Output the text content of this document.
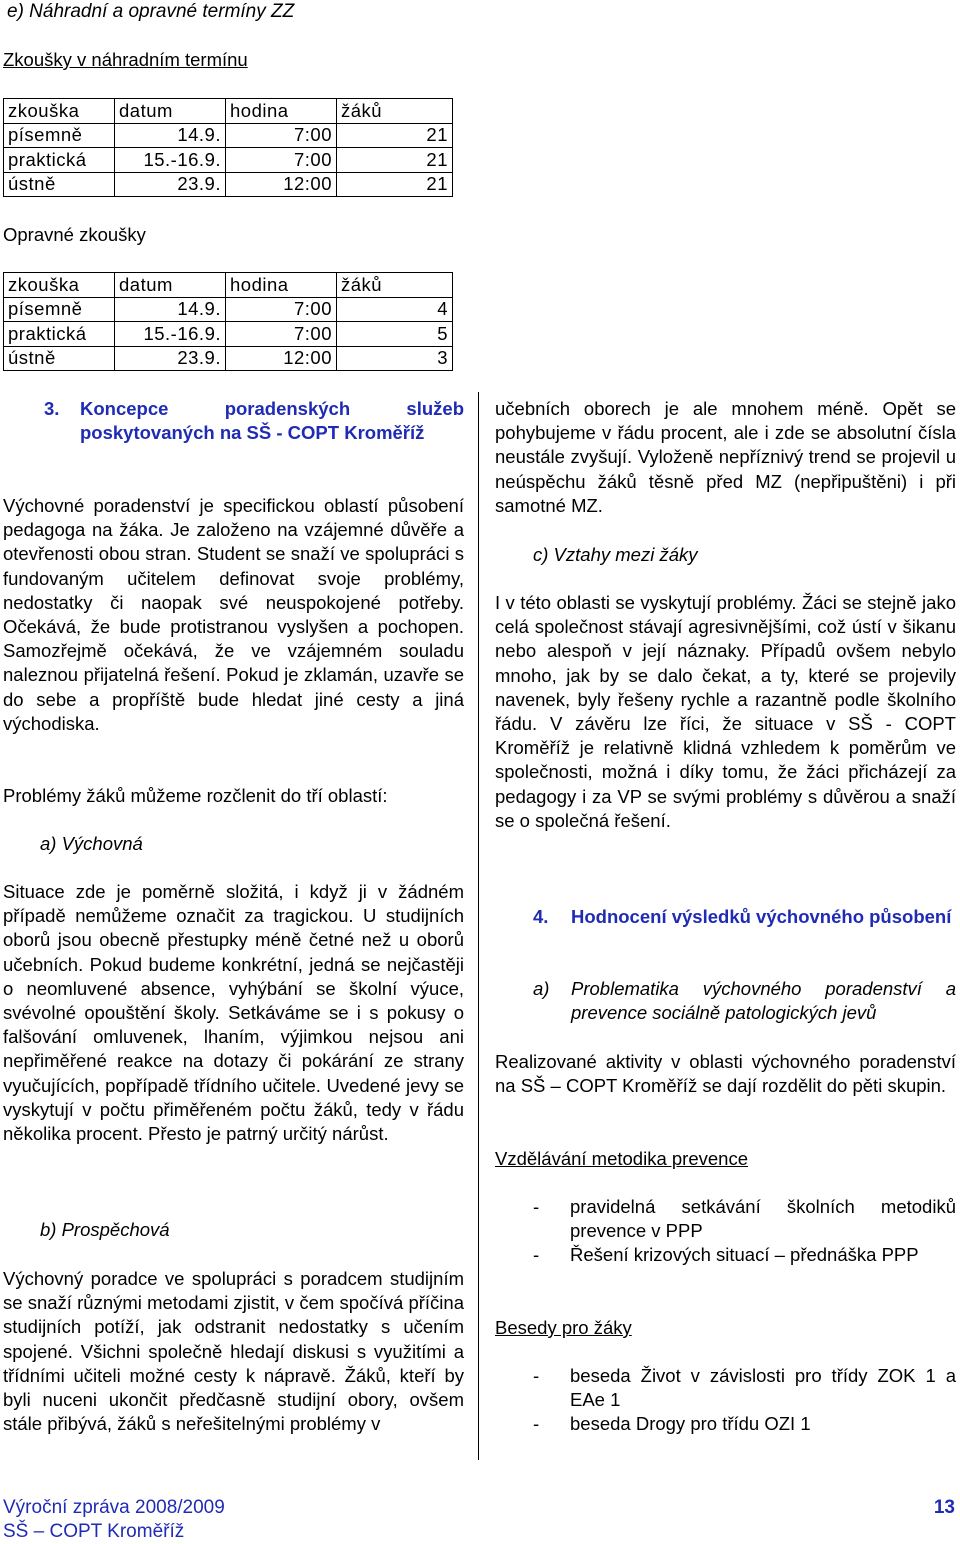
e) Náhradní a opravné termíny ZZ
Zkoušky v náhradním termínu
zkouška	datum	hodina	žáků
písemně	14.9.	7:00	21
praktická	15.-16.9.	7:00	21
ústně	23.9.	12:00	21
Opravné zkoušky
zkouška	datum	hodina	žáků
písemně	14.9.	7:00	4
praktická	15.-16.9.	7:00	5
ústně	23.9.	12:00	3
3. Koncepce poradenských služeb poskytovaných na SŠ - COPT Kroměříž
Výchovné poradenství je specifickou oblastí působení pedagoga na žáka. Je založeno na vzájemné důvěře a otevřenosti obou stran. Student se snaží ve spolupráci s fundovaným učitelem definovat svoje problémy, nedostatky či naopak své neuspokojené potřeby. Očekává, že bude protistranou vyslyšen a pochopen. Samozřejmě očekává, že ve vzájemném souladu naleznou přijatelná řešení. Pokud je zklamán, uzavře se do sebe a propříště bude hledat jiné cesty a jiná východiska.
Problémy žáků můžeme rozčlenit do tří oblastí:
a) Výchovná
Situace zde je poměrně složitá, i když ji v žádném případě nemůžeme označit za tragickou. U studijních oborů jsou obecně přestupky méně četné než u oborů učebních. Pokud budeme konkrétní, jedná se nejčastěji o neomluvené absence, vyhýbání se školní výuce, svévolné opouštění školy. Setkáváme se i s pokusy o falšování omluvenek, lhaním, výjimkou nejsou ani nepřiměřené reakce na dotazy či pokárání ze strany vyučujících, popřípadě třídního učitele. Uvedené jevy se vyskytují v počtu přiměřeném počtu žáků, tedy v řádu několika procent. Přesto je patrný určitý nárůst.
b) Prospěchová
Výchovný poradce ve spolupráci s poradcem studijním se snaží různými metodami zjistit, v čem spočívá příčina studijních potíží, jak odstranit nedostatky s učením spojené. Všichni společně hledají diskusi s využitími a třídními učiteli možné cesty k nápravě. Žáků, kteří by byli nuceni ukončit předčasně studijní obory, ovšem stále přibývá, žáků s neřešitelnými problémy v
učebních oborech je ale mnohem méně. Opět se pohybujeme v řádu procent, ale i zde se absolutní čísla neustále zvyšují. Vyloženě nepříznivý trend se projevil u neúspěchu žáků těsně před MZ (nepřipuštěni) i při samotné MZ.
c) Vztahy mezi žáky
I v této oblasti se vyskytují problémy. Žáci se stejně jako celá společnost stávají agresivnějšími, což ústí v šikanu nebo alespoň v její náznaky. Případů ovšem nebylo mnoho, jak by se dalo čekat, a ty, které se projevily navenek, byly řešeny rychle a razantně podle školního řádu. V závěru lze říci, že situace v SŠ - COPT Kroměříž je relativně klidná vzhledem k poměrům ve společnosti, možná i díky tomu, že žáci přicházejí za pedagogy i za VP se svými problémy s důvěrou a snaží se o společná řešení.
4. Hodnocení výsledků výchovného působení
a) Problematika výchovného poradenství a prevence sociálně patologických jevů
Realizované aktivity v oblasti výchovného poradenství na SŠ – COPT Kroměříž se dají rozdělit do pěti skupin.
Vzdělávání metodika prevence
- pravidelná setkávání školních metodiků prevence v PPP
- Řešení krizových situací – přednáška PPP
Besedy pro žáky
- beseda Život v závislosti pro třídy ZOK 1 a EAe 1
- beseda Drogy pro třídu OZI 1
Výroční zpráva 2008/2009
SŠ – COPT Kroměříž
13
